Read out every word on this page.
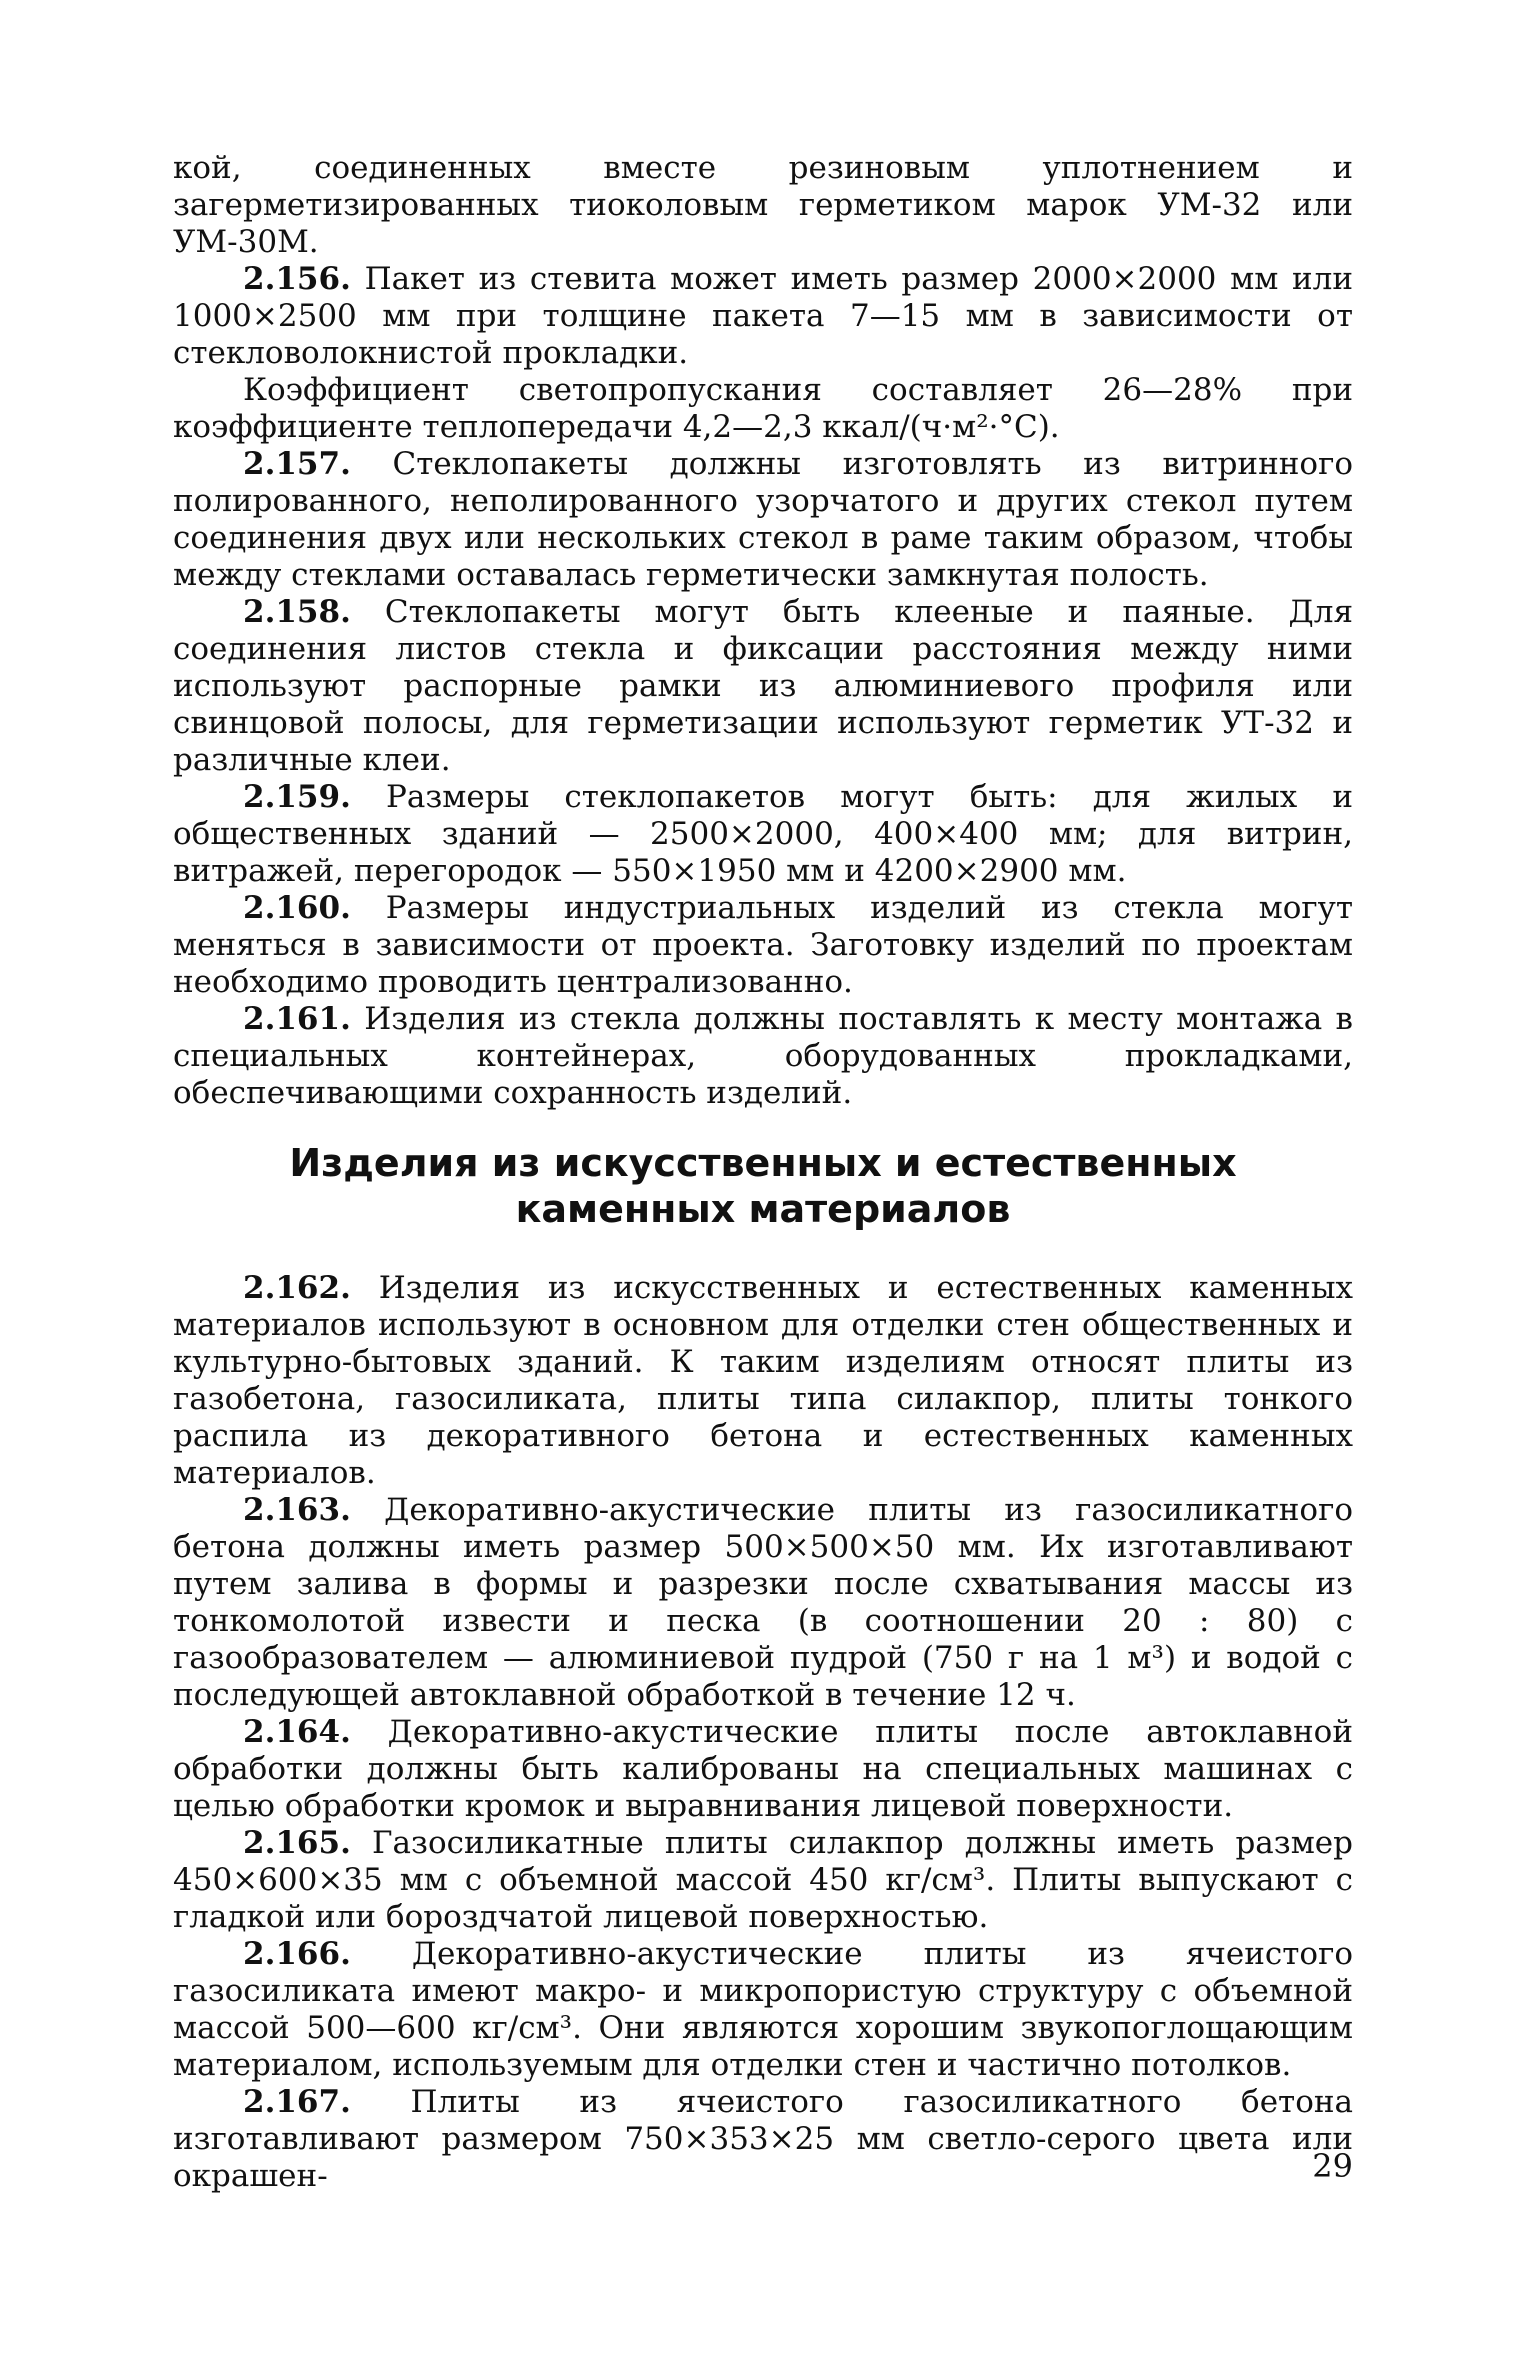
кой, соединенных вместе резиновым уплотнением и загерметизированных тиоколовым герметиком марок УМ-32 или УМ-30М.

2.156. Пакет из стевита может иметь размер 2000×2000 мм или 1000×2500 мм при толщине пакета 7—15 мм в зависимости от стекловолокнистой прокладки.

Коэффициент светопропускания составляет 26—28% при коэффициенте теплопередачи 4,2—2,3 ккал/(ч·м²·°С).

2.157. Стеклопакеты должны изготовлять из витринного полированного, неполированного узорчатого и других стекол путем соединения двух или нескольких стекол в раме таким образом, чтобы между стеклами оставалась герметически замкнутая полость.

2.158. Стеклопакеты могут быть клееные и паяные. Для соединения листов стекла и фиксации расстояния между ними используют распорные рамки из алюминиевого профиля или свинцовой полосы, для герметизации используют герметик УТ-32 и различные клеи.

2.159. Размеры стеклопакетов могут быть: для жилых и общественных зданий — 2500×2000, 400×400 мм; для витрин, витражей, перегородок — 550×1950 мм и 4200×2900 мм.

2.160. Размеры индустриальных изделий из стекла могут меняться в зависимости от проекта. Заготовку изделий по проектам необходимо проводить централизованно.

2.161. Изделия из стекла должны поставлять к месту монтажа в специальных контейнерах, оборудованных прокладками, обеспечивающими сохранность изделий.

Изделия из искусственных и естественных
каменных материалов

2.162. Изделия из искусственных и естественных каменных материалов используют в основном для отделки стен общественных и культурно-бытовых зданий. К таким изделиям относят плиты из газобетона, газосиликата, плиты типа силакпор, плиты тонкого распила из декоративного бетона и естественных каменных материалов.

2.163. Декоративно-акустические плиты из газосиликатного бетона должны иметь размер 500×500×50 мм. Их изготавливают путем залива в формы и разрезки после схватывания массы из тонкомолотой извести и песка (в соотношении 20 : 80) с газообразователем — алюминиевой пудрой (750 г на 1 м³) и водой с последующей автоклавной обработкой в течение 12 ч.

2.164. Декоративно-акустические плиты после автоклавной обработки должны быть калиброваны на специальных машинах с целью обработки кромок и выравнивания лицевой поверхности.

2.165. Газосиликатные плиты силакпор должны иметь размер 450×600×35 мм с объемной массой 450 кг/см³. Плиты выпускают с гладкой или бороздчатой лицевой поверхностью.

2.166. Декоративно-акустические плиты из ячеистого газосиликата имеют макро- и микропористую структуру с объемной массой 500—600 кг/см³. Они являются хорошим звукопоглощающим материалом, используемым для отделки стен и частично потолков.

2.167. Плиты из ячеистого газосиликатного бетона изготавливают размером 750×353×25 мм светло-серого цвета или окрашен-	29
